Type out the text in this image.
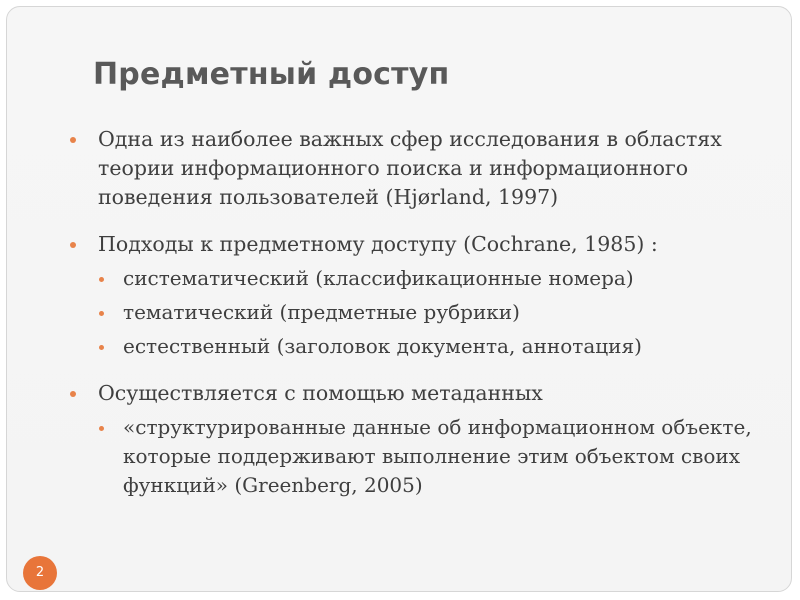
Предметный доступ

Одна из наиболее важных сфер исследования в областях теории информационного поиска и информационного поведения пользователей (Hjørland, 1997)

Подходы к предметному доступу (Cochrane, 1985) :

систематический (классификационные номера)

тематический (предметные рубрики)

естественный (заголовок документа, аннотация)

Осуществляется с помощью метаданных

«структурированные данные об информационном объекте, которые поддерживают выполнение этим объектом своих функций» (Greenberg, 2005)

2
